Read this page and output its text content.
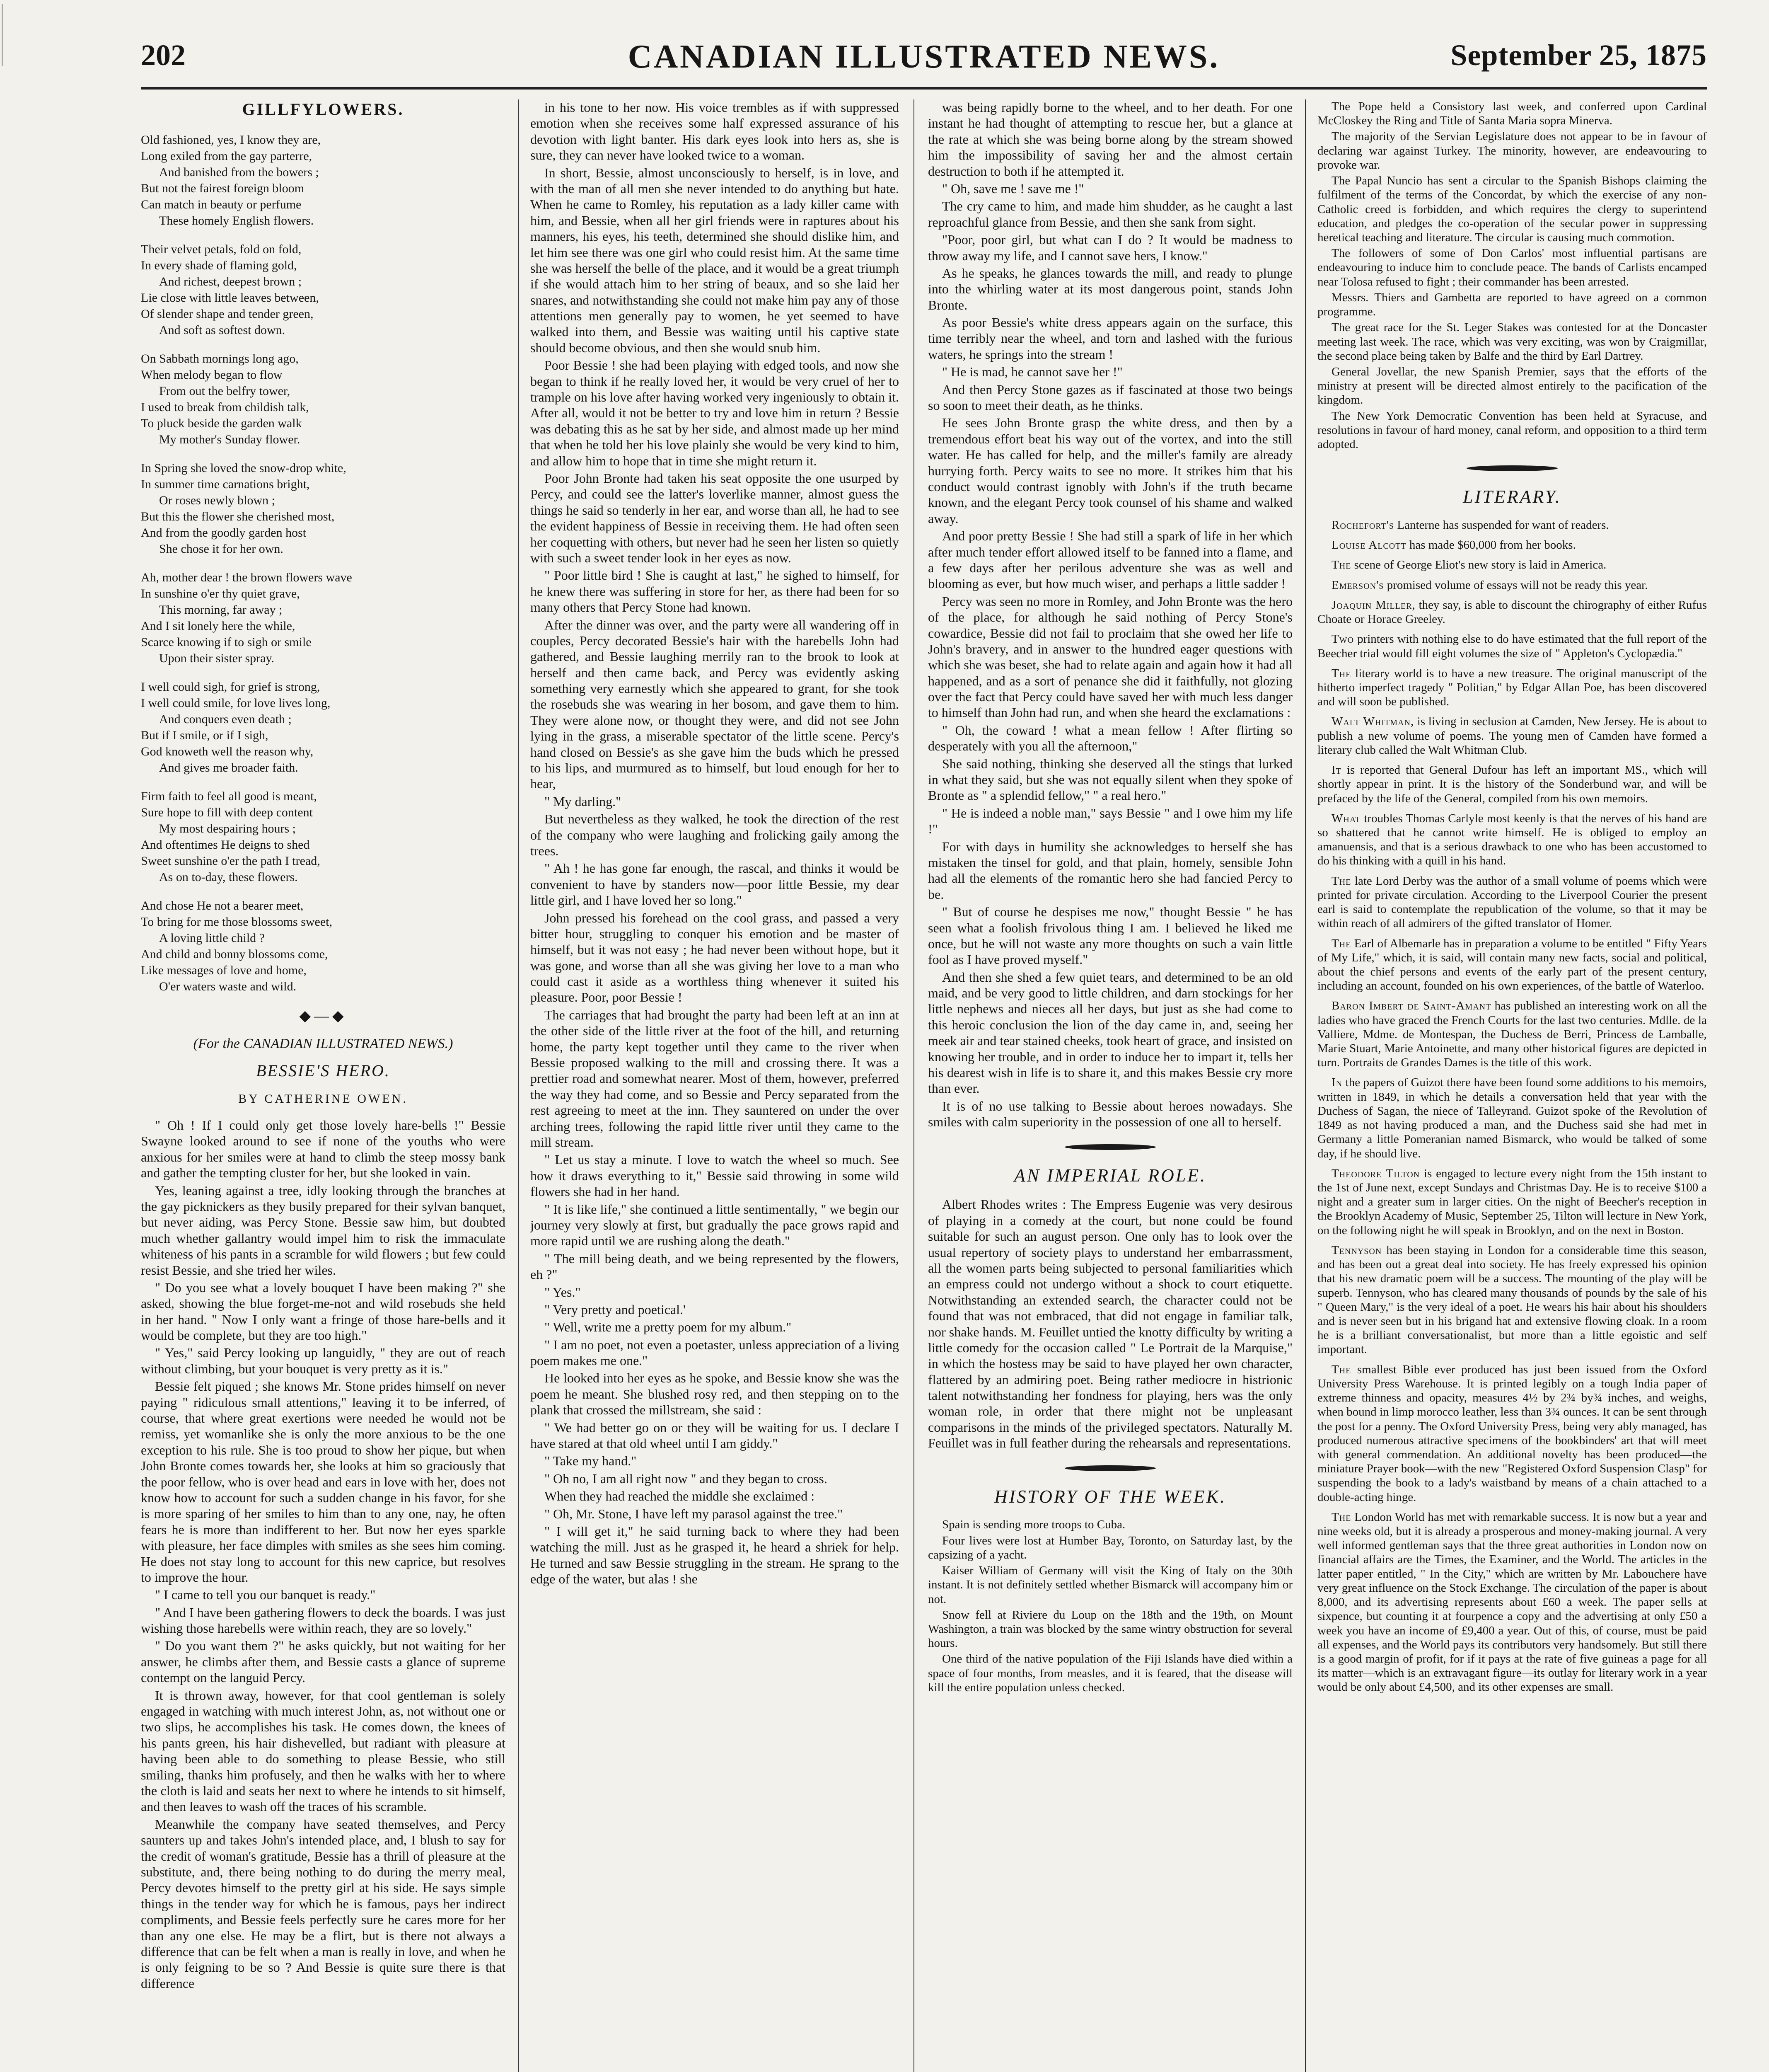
202	CANADIAN ILLUSTRATED NEWS.	September 25, 1875
GILLFYLOWERS.
Old fashioned, yes, I know they are,
Long exiled from the gay parterre,
And banished from the bowers ;
But not the fairest foreign bloom
Can match in beauty or perfume
These homely English flowers.
Their velvet petals, fold on fold,
In every shade of flaming gold,
And richest, deepest brown ;
Lie close with little leaves between,
Of slender shape and tender green,
And soft as softest down.
On Sabbath mornings long ago,
When melody began to flow
From out the belfry tower,
I used to break from childish talk,
To pluck beside the garden walk
My mother's Sunday flower.
In Spring she loved the snow-drop white,
In summer time carnations bright,
Or roses newly blown ;
But this the flower she cherished most,
And from the goodly garden host
She chose it for her own.
Ah, mother dear ! the brown flowers wave
In sunshine o'er thy quiet grave,
This morning, far away ;
And I sit lonely here the while,
Scarce knowing if to sigh or smile
Upon their sister spray.
I well could sigh, for grief is strong,
I well could smile, for love lives long,
And conquers even death ;
But if I smile, or if I sigh,
God knoweth well the reason why,
And gives me broader faith.
Firm faith to feel all good is meant,
Sure hope to fill with deep content
My most despairing hours ;
And oftentimes He deigns to shed
Sweet sunshine o'er the path I tread,
As on to-day, these flowers.
And chose He not a bearer meet,
To bring for me those blossoms sweet,
A loving little child ?
And child and bonny blossoms come,
Like messages of love and home,
O'er waters waste and wild.
◆—◆
(For the CANADIAN ILLUSTRATED NEWS.)
BESSIE'S HERO.
BY CATHERINE OWEN.

" Oh ! If I could only get those lovely hare-bells !" Bessie Swayne looked around to see if none of the youths who were anxious for her smiles were at hand to climb the steep mossy bank and gather the tempting cluster for her, but she looked in vain.

Yes, leaning against a tree, idly looking through the branches at the gay picknickers as they busily prepared for their sylvan banquet, but never aiding, was Percy Stone. Bessie saw him, but doubted much whether gallantry would impel him to risk the immaculate whiteness of his pants in a scramble for wild flowers ; but few could resist Bessie, and she tried her wiles.

" Do you see what a lovely bouquet I have been making ?" she asked, showing the blue forget-me-not and wild rosebuds she held in her hand. " Now I only want a fringe of those hare-bells and it would be complete, but they are too high."

" Yes," said Percy looking up languidly, " they are out of reach without climbing, but your bouquet is very pretty as it is."

Bessie felt piqued ; she knows Mr. Stone prides himself on never paying " ridiculous small attentions," leaving it to be inferred, of course, that where great exertions were needed he would not be remiss, yet womanlike she is only the more anxious to be the one exception to his rule. She is too proud to show her pique, but when John Bronte comes towards her, she looks at him so graciously that the poor fellow, who is over head and ears in love with her, does not know how to account for such a sudden change in his favor, for she is more sparing of her smiles to him than to any one, nay, he often fears he is more than indifferent to her. But now her eyes sparkle with pleasure, her face dimples with smiles as she sees him coming. He does not stay long to account for this new caprice, but resolves to improve the hour.

" I came to tell you our banquet is ready."

" And I have been gathering flowers to deck the boards. I was just wishing those harebells were within reach, they are so lovely."

" Do you want them ?" he asks quickly, but not waiting for her answer, he climbs after them, and Bessie casts a glance of supreme contempt on the languid Percy.

It is thrown away, however, for that cool gentleman is solely engaged in watching with much interest John, as, not without one or two slips, he accomplishes his task. He comes down, the knees of his pants green, his hair dishevelled, but radiant with pleasure at having been able to do something to please Bessie, who still smiling, thanks him profusely, and then he walks with her to where the cloth is laid and seats her next to where he intends to sit himself, and then leaves to wash off the traces of his scramble.

Meanwhile the company have seated themselves, and Percy saunters up and takes John's intended place, and, I blush to say for the credit of woman's gratitude, Bessie has a thrill of pleasure at the substitute, and, there being nothing to do during the merry meal, Percy devotes himself to the pretty girl at his side. He says simple things in the tender way for which he is famous, pays her indirect compliments, and Bessie feels perfectly sure he cares more for her than any one else. He may be a flirt, but is there not always a difference that can be felt when a man is really in love, and when he is only feigning to be so ? And Bessie is quite sure there is that difference

in his tone to her now. His voice trembles as if with suppressed emotion when she receives some half expressed assurance of his devotion with light banter. His dark eyes look into hers as, she is sure, they can never have looked twice to a woman.

In short, Bessie, almost unconsciously to herself, is in love, and with the man of all men she never intended to do anything but hate. When he came to Romley, his reputation as a lady killer came with him, and Bessie, when all her girl friends were in raptures about his manners, his eyes, his teeth, determined she should dislike him, and let him see there was one girl who could resist him. At the same time she was herself the belle of the place, and it would be a great triumph if she would attach him to her string of beaux, and so she laid her snares, and notwithstanding she could not make him pay any of those attentions men generally pay to women, he yet seemed to have walked into them, and Bessie was waiting until his captive state should become obvious, and then she would snub him.

Poor Bessie ! she had been playing with edged tools, and now she began to think if he really loved her, it would be very cruel of her to trample on his love after having worked very ingeniously to obtain it. After all, would it not be better to try and love him in return ? Bessie was debating this as he sat by her side, and almost made up her mind that when he told her his love plainly she would be very kind to him, and allow him to hope that in time she might return it.

Poor John Bronte had taken his seat opposite the one usurped by Percy, and could see the latter's loverlike manner, almost guess the things he said so tenderly in her ear, and worse than all, he had to see the evident happiness of Bessie in receiving them. He had often seen her coquetting with others, but never had he seen her listen so quietly with such a sweet tender look in her eyes as now.

" Poor little bird ! She is caught at last," he sighed to himself, for he knew there was suffering in store for her, as there had been for so many others that Percy Stone had known.

After the dinner was over, and the party were all wandering off in couples, Percy decorated Bessie's hair with the harebells John had gathered, and Bessie laughing merrily ran to the brook to look at herself and then came back, and Percy was evidently asking something very earnestly which she appeared to grant, for she took the rosebuds she was wearing in her bosom, and gave them to him. They were alone now, or thought they were, and did not see John lying in the grass, a miserable spectator of the little scene. Percy's hand closed on Bessie's as she gave him the buds which he pressed to his lips, and murmured as to himself, but loud enough for her to hear,

" My darling."

But nevertheless as they walked, he took the direction of the rest of the company who were laughing and frolicking gaily among the trees.

" Ah ! he has gone far enough, the rascal, and thinks it would be convenient to have by standers now—poor little Bessie, my dear little girl, and I have loved her so long."

John pressed his forehead on the cool grass, and passed a very bitter hour, struggling to conquer his emotion and be master of himself, but it was not easy ; he had never been without hope, but it was gone, and worse than all she was giving her love to a man who could cast it aside as a worthless thing whenever it suited his pleasure. Poor, poor Bessie !

The carriages that had brought the party had been left at an inn at the other side of the little river at the foot of the hill, and returning home, the party kept together until they came to the river when Bessie proposed walking to the mill and crossing there. It was a prettier road and somewhat nearer. Most of them, however, preferred the way they had come, and so Bessie and Percy separated from the rest agreeing to meet at the inn. They sauntered on under the over arching trees, following the rapid little river until they came to the mill stream.

" Let us stay a minute. I love to watch the wheel so much. See how it draws everything to it," Bessie said throwing in some wild flowers she had in her hand.

" It is like life," she continued a little sentimentally, " we begin our journey very slowly at first, but gradually the pace grows rapid and more rapid until we are rushing along the death."

" The mill being death, and we being represented by the flowers, eh ?"

" Yes."

" Very pretty and poetical.'

" Well, write me a pretty poem for my album."

" I am no poet, not even a poetaster, unless appreciation of a living poem makes me one."

He looked into her eyes as he spoke, and Bessie know she was the poem he meant. She blushed rosy red, and then stepping on to the plank that crossed the millstream, she said :

" We had better go on or they will be waiting for us. I declare I have stared at that old wheel until I am giddy."

" Take my hand."

" Oh no, I am all right now " and they began to cross.

When they had reached the middle she exclaimed :

" Oh, Mr. Stone, I have left my parasol against the tree."

" I will get it," he said turning back to where they had been watching the mill. Just as he grasped it, he heard a shriek for help. He turned and saw Bessie struggling in the stream. He sprang to the edge of the water, but alas ! she

was being rapidly borne to the wheel, and to her death. For one instant he had thought of attempting to rescue her, but a glance at the rate at which she was being borne along by the stream showed him the impossibility of saving her and the almost certain destruction to both if he attempted it.

" Oh, save me ! save me !"

The cry came to him, and made him shudder, as he caught a last reproachful glance from Bessie, and then she sank from sight.

"Poor, poor girl, but what can I do ? It would be madness to throw away my life, and I cannot save hers, I know."

As he speaks, he glances towards the mill, and ready to plunge into the whirling water at its most dangerous point, stands John Bronte.

As poor Bessie's white dress appears again on the surface, this time terribly near the wheel, and torn and lashed with the furious waters, he springs into the stream !

" He is mad, he cannot save her !"

And then Percy Stone gazes as if fascinated at those two beings so soon to meet their death, as he thinks.

He sees John Bronte grasp the white dress, and then by a tremendous effort beat his way out of the vortex, and into the still water. He has called for help, and the miller's family are already hurrying forth. Percy waits to see no more. It strikes him that his conduct would contrast ignobly with John's if the truth became known, and the elegant Percy took counsel of his shame and walked away.

And poor pretty Bessie ! She had still a spark of life in her which after much tender effort allowed itself to be fanned into a flame, and a few days after her perilous adventure she was as well and blooming as ever, but how much wiser, and perhaps a little sadder !

Percy was seen no more in Romley, and John Bronte was the hero of the place, for although he said nothing of Percy Stone's cowardice, Bessie did not fail to proclaim that she owed her life to John's bravery, and in answer to the hundred eager questions with which she was beset, she had to relate again and again how it had all happened, and as a sort of penance she did it faithfully, not glozing over the fact that Percy could have saved her with much less danger to himself than John had run, and when she heard the exclamations :

" Oh, the coward ! what a mean fellow ! After flirting so desperately with you all the afternoon,"

She said nothing, thinking she deserved all the stings that lurked in what they said, but she was not equally silent when they spoke of Bronte as " a splendid fellow," " a real hero."

" He is indeed a noble man," says Bessie " and I owe him my life !"

For with days in humility she acknowledges to herself she has mistaken the tinsel for gold, and that plain, homely, sensible John had all the elements of the romantic hero she had fancied Percy to be.

" But of course he despises me now," thought Bessie " he has seen what a foolish frivolous thing I am. I believed he liked me once, but he will not waste any more thoughts on such a vain little fool as I have proved myself."

And then she shed a few quiet tears, and determined to be an old maid, and be very good to little children, and darn stockings for her little nephews and nieces all her days, but just as she had come to this heroic conclusion the lion of the day came in, and, seeing her meek air and tear stained cheeks, took heart of grace, and insisted on knowing her trouble, and in order to induce her to impart it, tells her his dearest wish in life is to share it, and this makes Bessie cry more than ever.

It is of no use talking to Bessie about heroes nowadays. She smiles with calm superiority in the possession of one all to herself.

AN IMPERIAL ROLE.

Albert Rhodes writes : The Empress Eugenie was very desirous of playing in a comedy at the court, but none could be found suitable for such an august person. One only has to look over the usual repertory of society plays to understand her embarrassment, all the women parts being subjected to personal familiarities which an empress could not undergo without a shock to court etiquette. Notwithstanding an extended search, the character could not be found that was not embraced, that did not engage in familiar talk, nor shake hands. M. Feuillet untied the knotty difficulty by writing a little comedy for the occasion called " Le Portrait de la Marquise," in which the hostess may be said to have played her own character, flattered by an admiring poet. Being rather mediocre in histrionic talent notwithstanding her fondness for playing, hers was the only woman role, in order that there might not be unpleasant comparisons in the minds of the privileged spectators. Naturally M. Feuillet was in full feather during the rehearsals and representations.

HISTORY OF THE WEEK.

Spain is sending more troops to Cuba.

Four lives were lost at Humber Bay, Toronto, on Saturday last, by the capsizing of a yacht.

Kaiser William of Germany will visit the King of Italy on the 30th instant. It is not definitely settled whether Bismarck will accompany him or not.

Snow fell at Riviere du Loup on the 18th and the 19th, on Mount Washington, a train was blocked by the same wintry obstruction for several hours.

One third of the native population of the Fiji Islands have died within a space of four months, from measles, and it is feared, that the disease will kill the entire population unless checked.

The Pope held a Consistory last week, and conferred upon Cardinal McCloskey the Ring and Title of Santa Maria sopra Minerva.

The majority of the Servian Legislature does not appear to be in favour of declaring war against Turkey. The minority, however, are endeavouring to provoke war.

The Papal Nuncio has sent a circular to the Spanish Bishops claiming the fulfilment of the terms of the Concordat, by which the exercise of any non-Catholic creed is forbidden, and which requires the clergy to superintend education, and pledges the co-operation of the secular power in suppressing heretical teaching and literature. The circular is causing much commotion.

The followers of some of Don Carlos' most influential partisans are endeavouring to induce him to conclude peace. The bands of Carlists encamped near Tolosa refused to fight ; their commander has been arrested.

Messrs. Thiers and Gambetta are reported to have agreed on a common programme.

The great race for the St. Leger Stakes was contested for at the Doncaster meeting last week. The race, which was very exciting, was won by Craigmillar, the second place being taken by Balfe and the third by Earl Dartrey.

General Jovellar, the new Spanish Premier, says that the efforts of the ministry at present will be directed almost entirely to the pacification of the kingdom.

The New York Democratic Convention has been held at Syracuse, and resolutions in favour of hard money, canal reform, and opposition to a third term adopted.

LITERARY.

Rochefort's Lanterne has suspended for want of readers.

Louise Alcott has made $60,000 from her books.

The scene of George Eliot's new story is laid in America.

Emerson's promised volume of essays will not be ready this year.

Joaquin Miller, they say, is able to discount the chirography of either Rufus Choate or Horace Greeley.

Two printers with nothing else to do have estimated that the full report of the Beecher trial would fill eight volumes the size of " Appleton's Cyclopædia."

The literary world is to have a new treasure. The original manuscript of the hitherto imperfect tragedy " Politian," by Edgar Allan Poe, has been discovered and will soon be published.

Walt Whitman, is living in seclusion at Camden, New Jersey. He is about to publish a new volume of poems. The young men of Camden have formed a literary club called the Walt Whitman Club.

It is reported that General Dufour has left an important MS., which will shortly appear in print. It is the history of the Sonderbund war, and will be prefaced by the life of the General, compiled from his own memoirs.

What troubles Thomas Carlyle most keenly is that the nerves of his hand are so shattered that he cannot write himself. He is obliged to employ an amanuensis, and that is a serious drawback to one who has been accustomed to do his thinking with a quill in his hand.

The late Lord Derby was the author of a small volume of poems which were printed for private circulation. According to the Liverpool Courier the present earl is said to contemplate the republication of the volume, so that it may be within reach of all admirers of the gifted translator of Homer.

The Earl of Albemarle has in preparation a volume to be entitled " Fifty Years of My Life," which, it is said, will contain many new facts, social and political, about the chief persons and events of the early part of the present century, including an account, founded on his own experiences, of the battle of Waterloo.

Baron Imbert de Saint-Amant has published an interesting work on all the ladies who have graced the French Courts for the last two centuries. Mdlle. de la Valliere, Mdme. de Montespan, the Duchess de Berri, Princess de Lamballe, Marie Stuart, Marie Antoinette, and many other historical figures are depicted in turn. Portraits de Grandes Dames is the title of this work.

In the papers of Guizot there have been found some additions to his memoirs, written in 1849, in which he details a conversation held that year with the Duchess of Sagan, the niece of Talleyrand. Guizot spoke of the Revolution of 1849 as not having produced a man, and the Duchess said she had met in Germany a little Pomeranian named Bismarck, who would be talked of some day, if he should live.

Theodore Tilton is engaged to lecture every night from the 15th instant to the 1st of June next, except Sundays and Christmas Day. He is to receive $100 a night and a greater sum in larger cities. On the night of Beecher's reception in the Brooklyn Academy of Music, September 25, Tilton will lecture in New York, on the following night he will speak in Brooklyn, and on the next in Boston.

Tennyson has been staying in London for a considerable time this season, and has been out a great deal into society. He has freely expressed his opinion that his new dramatic poem will be a success. The mounting of the play will be superb. Tennyson, who has cleared many thousands of pounds by the sale of his " Queen Mary," is the very ideal of a poet. He wears his hair about his shoulders and is never seen but in his brigand hat and extensive flowing cloak. In a room he is a brilliant conversationalist, but more than a little egoistic and self important.

The smallest Bible ever produced has just been issued from the Oxford University Press Warehouse. It is printed legibly on a tough India paper of extreme thinness and opacity, measures 4½ by 2¾ by¾ inches, and weighs, when bound in limp morocco leather, less than 3¾ ounces. It can be sent through the post for a penny. The Oxford University Press, being very ably managed, has produced numerous attractive specimens of the bookbinders' art that will meet with general commendation. An additional novelty has been produced—the miniature Prayer book—with the new "Registered Oxford Suspension Clasp" for suspending the book to a lady's waistband by means of a chain attached to a double-acting hinge.

The London World has met with remarkable success. It is now but a year and nine weeks old, but it is already a prosperous and money-making journal. A very well informed gentleman says that the three great authorities in London now on financial affairs are the Times, the Examiner, and the World. The articles in the latter paper entitled, " In the City," which are written by Mr. Labouchere have very great influence on the Stock Exchange. The circulation of the paper is about 8,000, and its advertising represents about £60 a week. The paper sells at sixpence, but counting it at fourpence a copy and the advertising at only £50 a week you have an income of £9,400 a year. Out of this, of course, must be paid all expenses, and the World pays its contributors very handsomely. But still there is a good margin of profit, for if it pays at the rate of five guineas a page for all its matter—which is an extravagant figure—its outlay for literary work in a year would be only about £4,500, and its other expenses are small.
